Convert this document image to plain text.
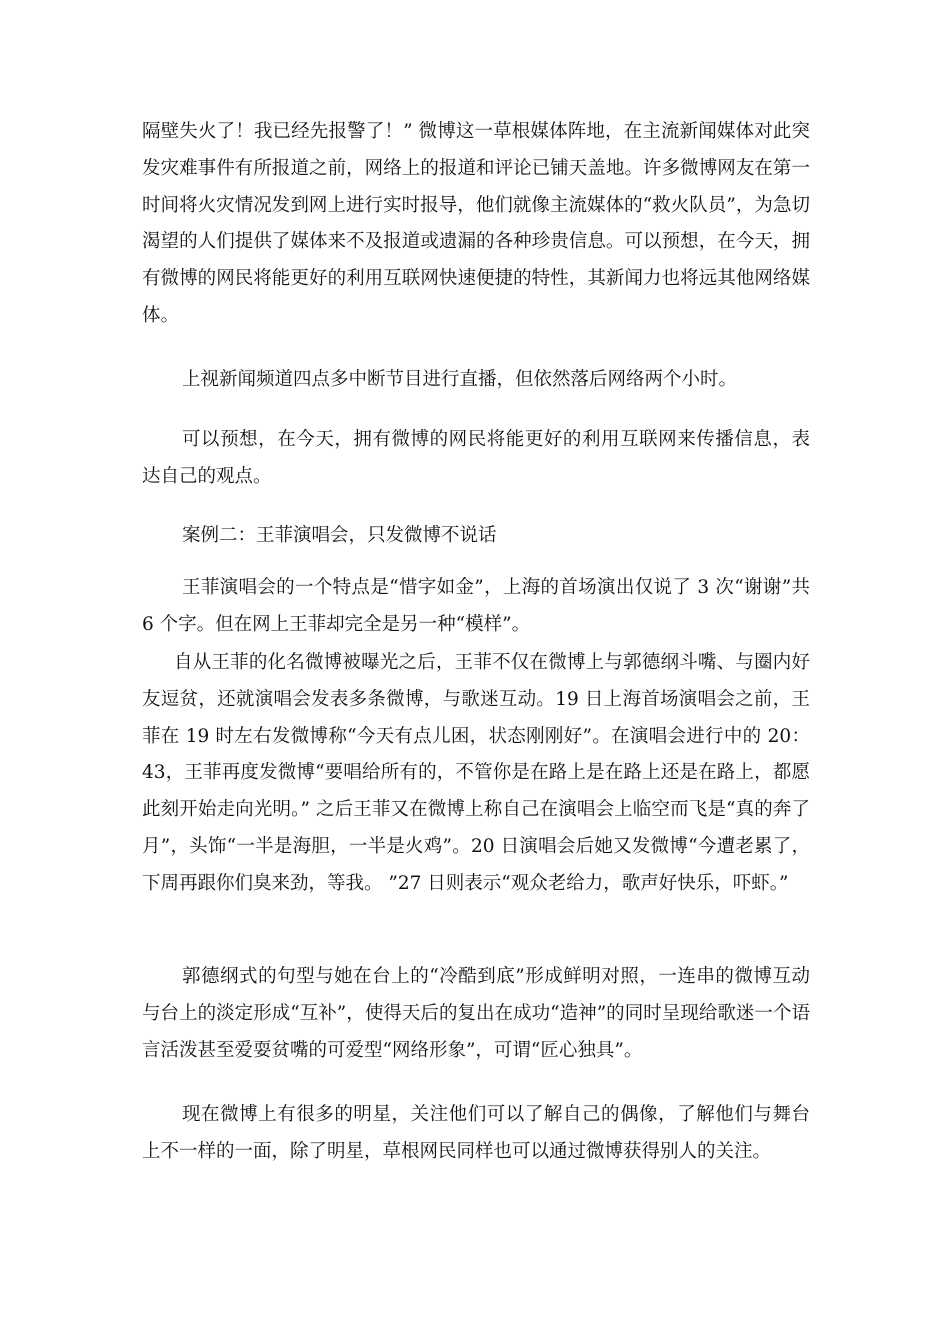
隔壁失火了！我已经先报警了！” 微博这一草根媒体阵地，在主流新闻媒体对此突发灾难事件有所报道之前，网络上的报道和评论已铺天盖地。许多微博网友在第一时间将火灾情况发到网上进行实时报导，他们就像主流媒体的“救火队员”，为急切渴望的人们提供了媒体来不及报道或遗漏的各种珍贵信息。可以预想，在今天，拥有微博的网民将能更好的利用互联网快速便捷的特性，其新闻力也将远其他网络媒体。

上视新闻频道四点多中断节目进行直播，但依然落后网络两个小时。

可以预想，在今天，拥有微博的网民将能更好的利用互联网来传播信息，表达自己的观点。

案例二：王菲演唱会，只发微博不说话

王菲演唱会的一个特点是“惜字如金”，上海的首场演出仅说了 3 次“谢谢”共 6 个字。但在网上王菲却完全是另一种“模样”。

自从王菲的化名微博被曝光之后，王菲不仅在微博上与郭德纲斗嘴、与圈内好友逗贫，还就演唱会发表多条微博，与歌迷互动。19 日上海首场演唱会之前，王菲在 19 时左右发微博称“今天有点儿困，状态刚刚好”。在演唱会进行中的 20：43，王菲再度发微博“要唱给所有的，不管你是在路上是在路上还是在路上，都愿此刻开始走向光明。” 之后王菲又在微博上称自己在演唱会上临空而飞是“真的奔了月”，头饰“一半是海胆，一半是火鸡”。20 日演唱会后她又发微博“今遭老累了，下周再跟你们臭来劲，等我。 ”27 日则表示“观众老给力，歌声好快乐，吓虾。”

郭德纲式的句型与她在台上的“冷酷到底”形成鲜明对照，一连串的微博互动与台上的淡定形成“互补”，使得天后的复出在成功“造神”的同时呈现给歌迷一个语言活泼甚至爱耍贫嘴的可爱型“网络形象”，可谓“匠心独具”。

现在微博上有很多的明星，关注他们可以了解自己的偶像，了解他们与舞台上不一样的一面，除了明星，草根网民同样也可以通过微博获得别人的关注。
